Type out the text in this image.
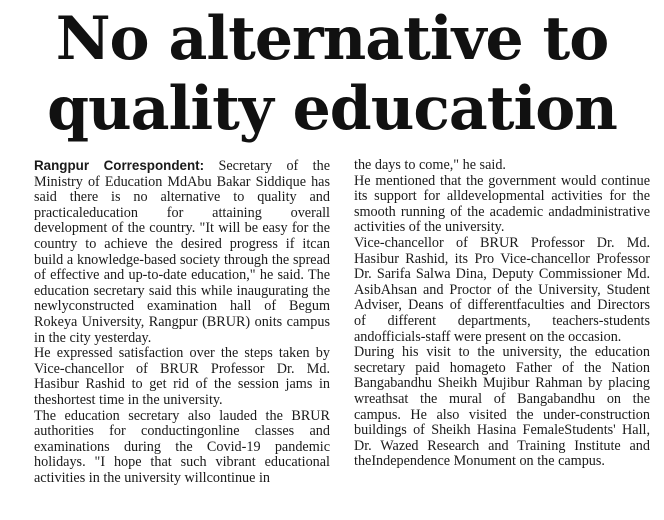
No alternative to
quality education

Rangpur Correspondent: Secretary of the Ministry of Education MdAbu Bakar Siddique has said there is no alternative to quality and practicaleducation for attaining overall development of the country. "It will be easy for the country to achieve the desired progress if itcan build a knowledge-based society through the spread of effective and up-to-date education," he said. The education secretary said this while inaugurating the newlyconstructed examination hall of Begum Rokeya University, Rangpur (BRUR) onits campus in the city yesterday.

He expressed satisfaction over the steps taken by Vice-chancellor of BRUR Professor Dr. Md. Hasibur Rashid to get rid of the session jams in theshortest time in the university.

The education secretary also lauded the BRUR authorities for conductingonline classes and examinations during the Covid-19 pandemic holidays. "I hope that such vibrant educational activities in the university willcontinue in

the days to come," he said.

He mentioned that the government would continue its support for alldevelopmental activities for the smooth running of the academic andadministrative activities of the university.

Vice-chancellor of BRUR Professor Dr. Md. Hasibur Rashid, its Pro Vice-chancellor Professor Dr. Sarifa Salwa Dina, Deputy Commissioner Md. AsibAhsan and Proctor of the University, Student Adviser, Deans of differentfaculties and Directors of different departments, teachers-students andofficials-staff were present on the occasion.

During his visit to the university, the education secretary paid homageto Father of the Nation Bangabandhu Sheikh Mujibur Rahman by placing wreathsat the mural of Bangabandhu on the campus. He also visited the under-construction buildings of Sheikh Hasina FemaleStudents' Hall, Dr. Wazed Research and Training Institute and theIndependence Monument on the campus.
